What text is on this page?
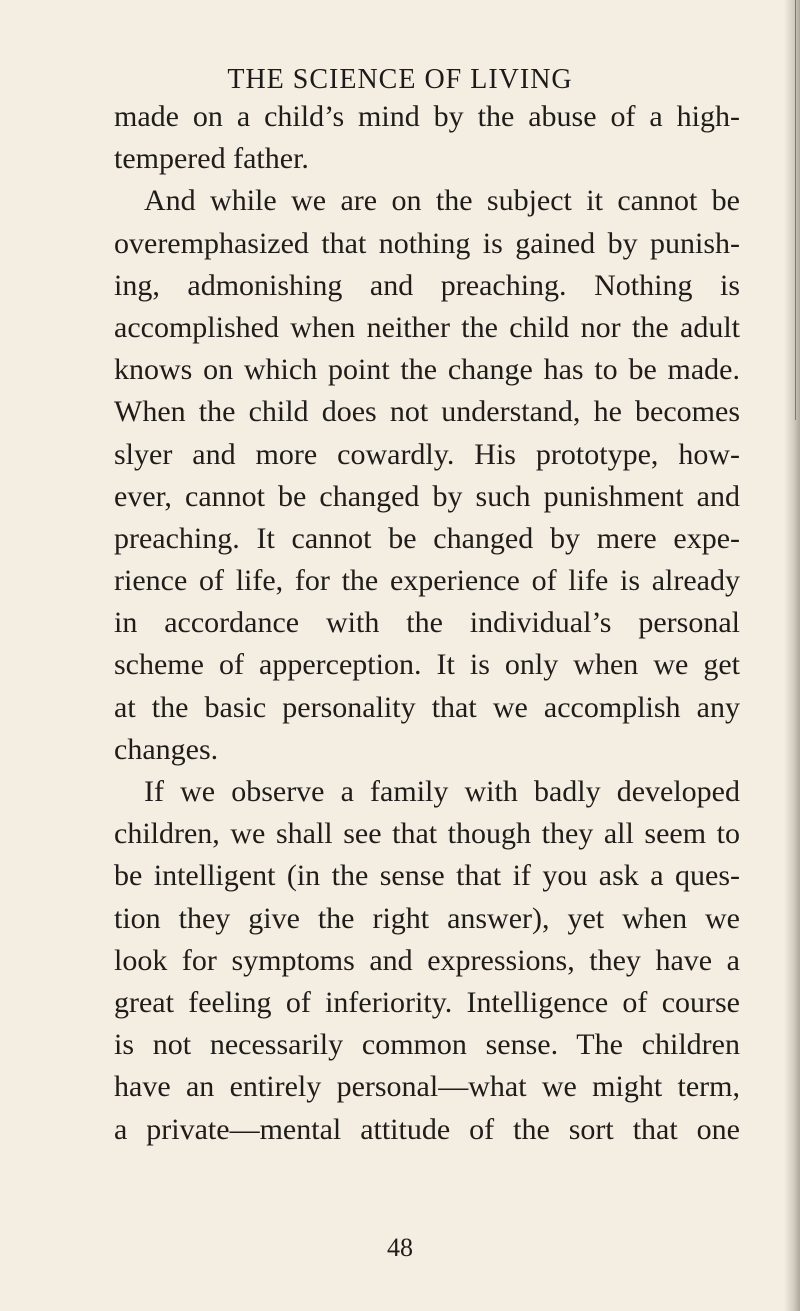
THE SCIENCE OF LIVING
made on a child’s mind by the abuse of a high-
tempered father.
And while we are on the subject it cannot be
overemphasized that nothing is gained by punish-
ing, admonishing and preaching. Nothing is
accomplished when neither the child nor the adult
knows on which point the change has to be made.
When the child does not understand, he becomes
slyer and more cowardly. His prototype, how-
ever, cannot be changed by such punishment and
preaching. It cannot be changed by mere expe-
rience of life, for the experience of life is already
in accordance with the individual’s personal
scheme of apperception. It is only when we get
at the basic personality that we accomplish any
changes.
If we observe a family with badly developed
children, we shall see that though they all seem to
be intelligent (in the sense that if you ask a ques-
tion they give the right answer), yet when we
look for symptoms and expressions, they have a
great feeling of inferiority. Intelligence of course
is not necessarily common sense. The children
have an entirely personal—what we might term,
a private—mental attitude of the sort that one
48
